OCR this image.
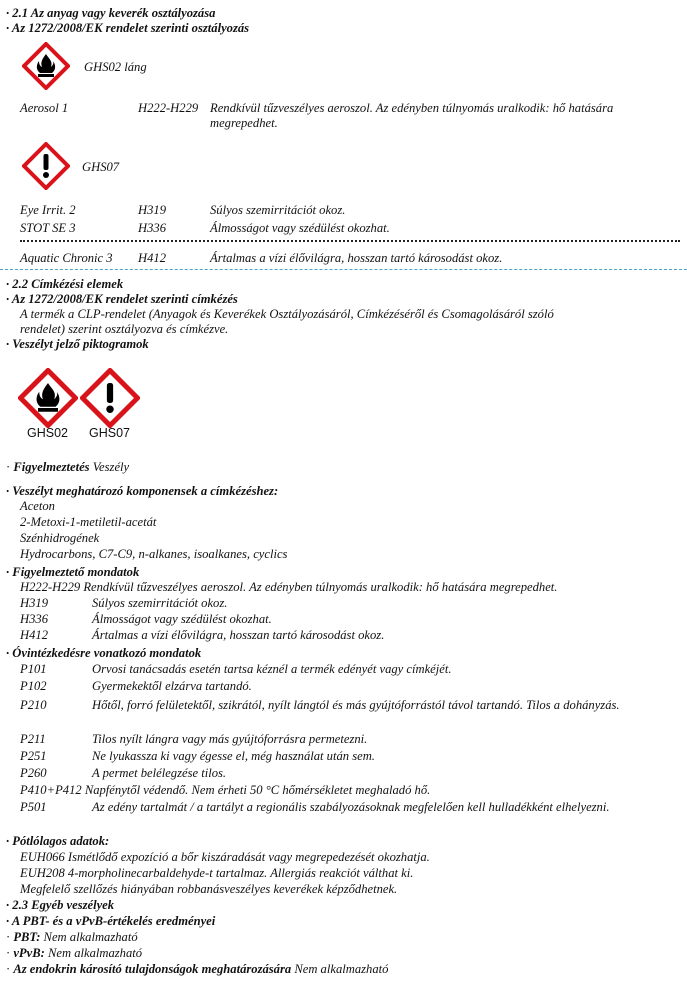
· 2.1 Az anyag vagy keverék osztályozása
· Az 1272/2008/EK rendelet szerinti osztályozás
GHS02 láng
Aerosol 1	H222-H229 Rendkívül tűzveszélyes aeroszol. Az edényben túlnyomás uralkodik: hő hatására megrepedhet.
GHS07
Eye Irrit. 2	H319	Súlyos szemirritációt okoz.
STOT SE 3	H336	Álmosságot vagy szédülést okozhat.
Aquatic Chronic 3 H412	Ártalmas a vízi élővilágra, hosszan tartó károsodást okoz.
· 2.2 Címkézési elemek
· Az 1272/2008/EK rendelet szerinti címkézés
A termék a CLP-rendelet (Anyagok és Keverékek Osztályozásáról, Címkézéséről és Csomagolásáról szóló
rendelet) szerint osztályozva és címkézve.
· Veszélyt jelző piktogramok
GHS02 GHS07
· Figyelmeztetés Veszély
· Veszélyt meghatározó komponensek a címkézéshez:
Aceton
2-Metoxi-1-metiletil-acetát
Szénhidrogének
Hydrocarbons, C7-C9, n-alkanes, isoalkanes, cyclics
· Figyelmeztető mondatok
H222-H229 Rendkívül tűzveszélyes aeroszol. Az edényben túlnyomás uralkodik: hő hatására megrepedhet.
H319	Súlyos szemirritációt okoz.
H336	Álmosságot vagy szédülést okozhat.
H412	Ártalmas a vízi élővilágra, hosszan tartó károsodást okoz.
· Óvintézkedésre vonatkozó mondatok
P101	Orvosi tanácsadás esetén tartsa kéznél a termék edényét vagy címkéjét.
P102	Gyermekektől elzárva tartandó.
P210	Hőtől, forró felületektől, szikrától, nyílt lángtól és más gyújtóforrástól távol tartandó. Tilos a dohányzás.
P211	Tilos nyílt lángra vagy más gyújtóforrásra permetezni.
P251	Ne lyukassza ki vagy égesse el, még használat után sem.
P260	A permet belélegzése tilos.
P410+P412 Napfénytől védendő. Nem érheti 50 °C hőmérsékletet meghaladó hő.
P501	Az edény tartalmát / a tartályt a regionális szabályozásoknak megfelelően kell hulladékként elhelyezni.
· Pótlólagos adatok:
EUH066 Ismétlődő expozíció a bőr kiszáradását vagy megrepedezését okozhatja.
EUH208 4-morpholinecarbaldehyde-t tartalmaz. Allergiás reakciót válthat ki.
Megfelelő szellőzés hiányában robbanásveszélyes keverékek képződhetnek.
· 2.3 Egyéb veszélyek
· A PBT- és a vPvB-értékelés eredményei
· PBT: Nem alkalmazható
· vPvB: Nem alkalmazható
· Az endokrin károsító tulajdonságok meghatározására Nem alkalmazható
